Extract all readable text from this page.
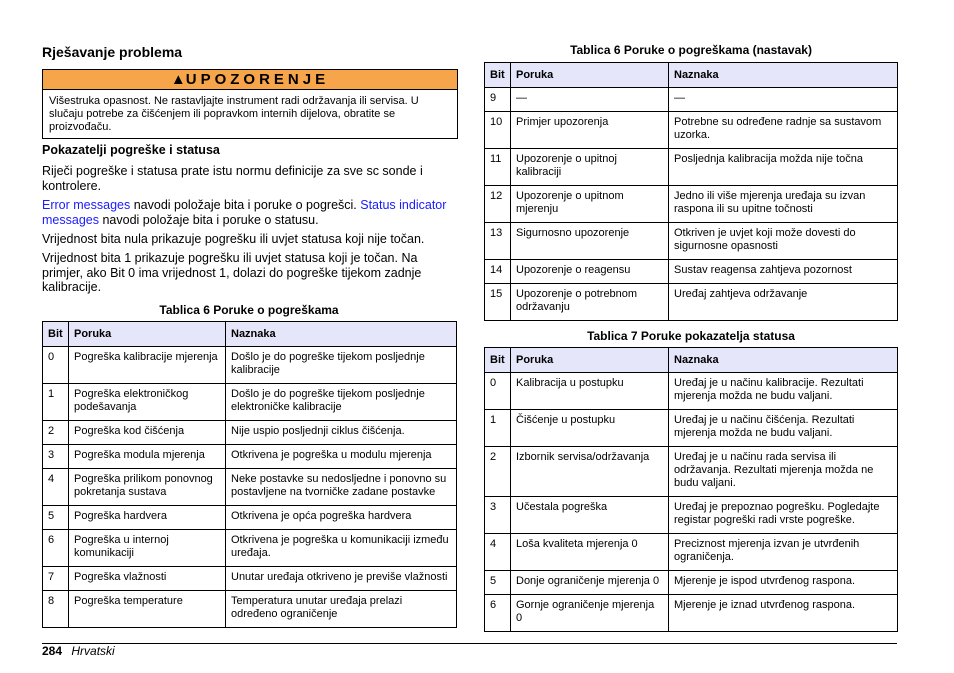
Rješavanje problema
▲UPOZORENJE
Višestruka opasnost. Ne rastavljajte instrument radi održavanja ili servisa. U slučaju potrebe za čišćenjem ili popravkom internih dijelova, obratite se proizvođaču.
Pokazatelji pogreške i statusa

Riječi pogreške i statusa prate istu normu definicije za sve sc sonde i kontrolere.

Error messages navodi položaje bita i poruke o pogrešci. Status indicator messages navodi položaje bita i poruke o statusu.

Vrijednost bita nula prikazuje pogrešku ili uvjet statusa koji nije točan.

Vrijednost bita 1 prikazuje pogrešku ili uvjet statusa koji je točan. Na primjer, ako Bit 0 ima vrijednost 1, dolazi do pogreške tijekom zadnje kalibracije.

Tablica 6 Poruke o pogreškama
Bit	Poruka	Naznaka
0	Pogreška kalibracije mjerenja	Došlo je do pogreške tijekom posljednje kalibracije
1	Pogreška elektroničkog podešavanja	Došlo je do pogreške tijekom posljednje elektroničke kalibracije
2	Pogreška kod čišćenja	Nije uspio posljednji ciklus čišćenja.
3	Pogreška modula mjerenja	Otkrivena je pogreška u modulu mjerenja
4	Pogreška prilikom ponovnog pokretanja sustava	Neke postavke su nedosljedne i ponovno su postavljene na tvorničke zadane postavke
5	Pogreška hardvera	Otkrivena je opća pogreška hardvera
6	Pogreška u internoj komunikaciji	Otkrivena je pogreška u komunikaciji između uređaja.
7	Pogreška vlažnosti	Unutar uređaja otkriveno je previše vlažnosti
8	Pogreška temperature	Temperatura unutar uređaja prelazi određeno ograničenje
Tablica 6 Poruke o pogreškama (nastavak)
Bit	Poruka	Naznaka
9	—	—
10	Primjer upozorenja	Potrebne su određene radnje sa sustavom uzorka.
11	Upozorenje o upitnoj kalibraciji	Posljednja kalibracija možda nije točna
12	Upozorenje o upitnom mjerenju	Jedno ili više mjerenja uređaja su izvan raspona ili su upitne točnosti
13	Sigurnosno upozorenje	Otkriven je uvjet koji može dovesti do sigurnosne opasnosti
14	Upozorenje o reagensu	Sustav reagensa zahtjeva pozornost
15	Upozorenje o potrebnom održavanju	Uređaj zahtjeva održavanje
Tablica 7 Poruke pokazatelja statusa
Bit	Poruka	Naznaka
0	Kalibracija u postupku	Uređaj je u načinu kalibracije. Rezultati mjerenja možda ne budu valjani.
1	Čišćenje u postupku	Uređaj je u načinu čišćenja. Rezultati mjerenja možda ne budu valjani.
2	Izbornik servisa/održavanja	Uređaj je u načinu rada servisa ili održavanja. Rezultati mjerenja možda ne budu valjani.
3	Učestala pogreška	Uređaj je prepoznao pogrešku. Pogledajte registar pogreški radi vrste pogreške.
4	Loša kvaliteta mjerenja 0	Preciznost mjerenja izvan je utvrđenih ograničenja.
5	Donje ograničenje mjerenja 0	Mjerenje je ispod utvrđenog raspona.
6	Gornje ograničenje mjerenja 0	Mjerenje je iznad utvrđenog raspona.
284 Hrvatski
